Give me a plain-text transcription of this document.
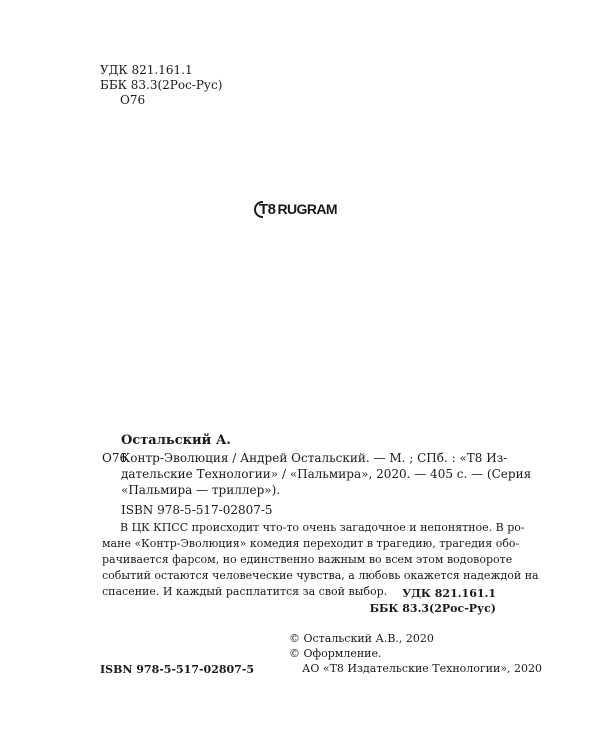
УДК 821.161.1
ББК 83.3(2Рос-Рус)
О76
T8 RUGRAM
Остальский А.
О76
Контр-Эволюция / Андрей Остальский. — М. ; СПб. : «Т8 Из-
дательские Технологии» / «Пальмира», 2020. — 405 с. — (Серия
«Пальмира — триллер»).
ISBN 978-5-517-02807-5
В ЦК КПСС происходит что-то очень загадочное и непонятное. В ро-
мане «Контр-Эволюция» комедия переходит в трагедию, трагедия обо-
рачивается фарсом, но единственно важным во всем этом водовороте
событий остаются человеческие чувства, а любовь окажется надеждой на
спасение. И каждый расплатится за свой выбор.	УДК 821.161.1
ББК 83.3(2Рос-Рус)
© Остальский А.В., 2020
© Оформление.
АО «Т8 Издательские Технологии», 2020
ISBN 978-5-517-02807-5
